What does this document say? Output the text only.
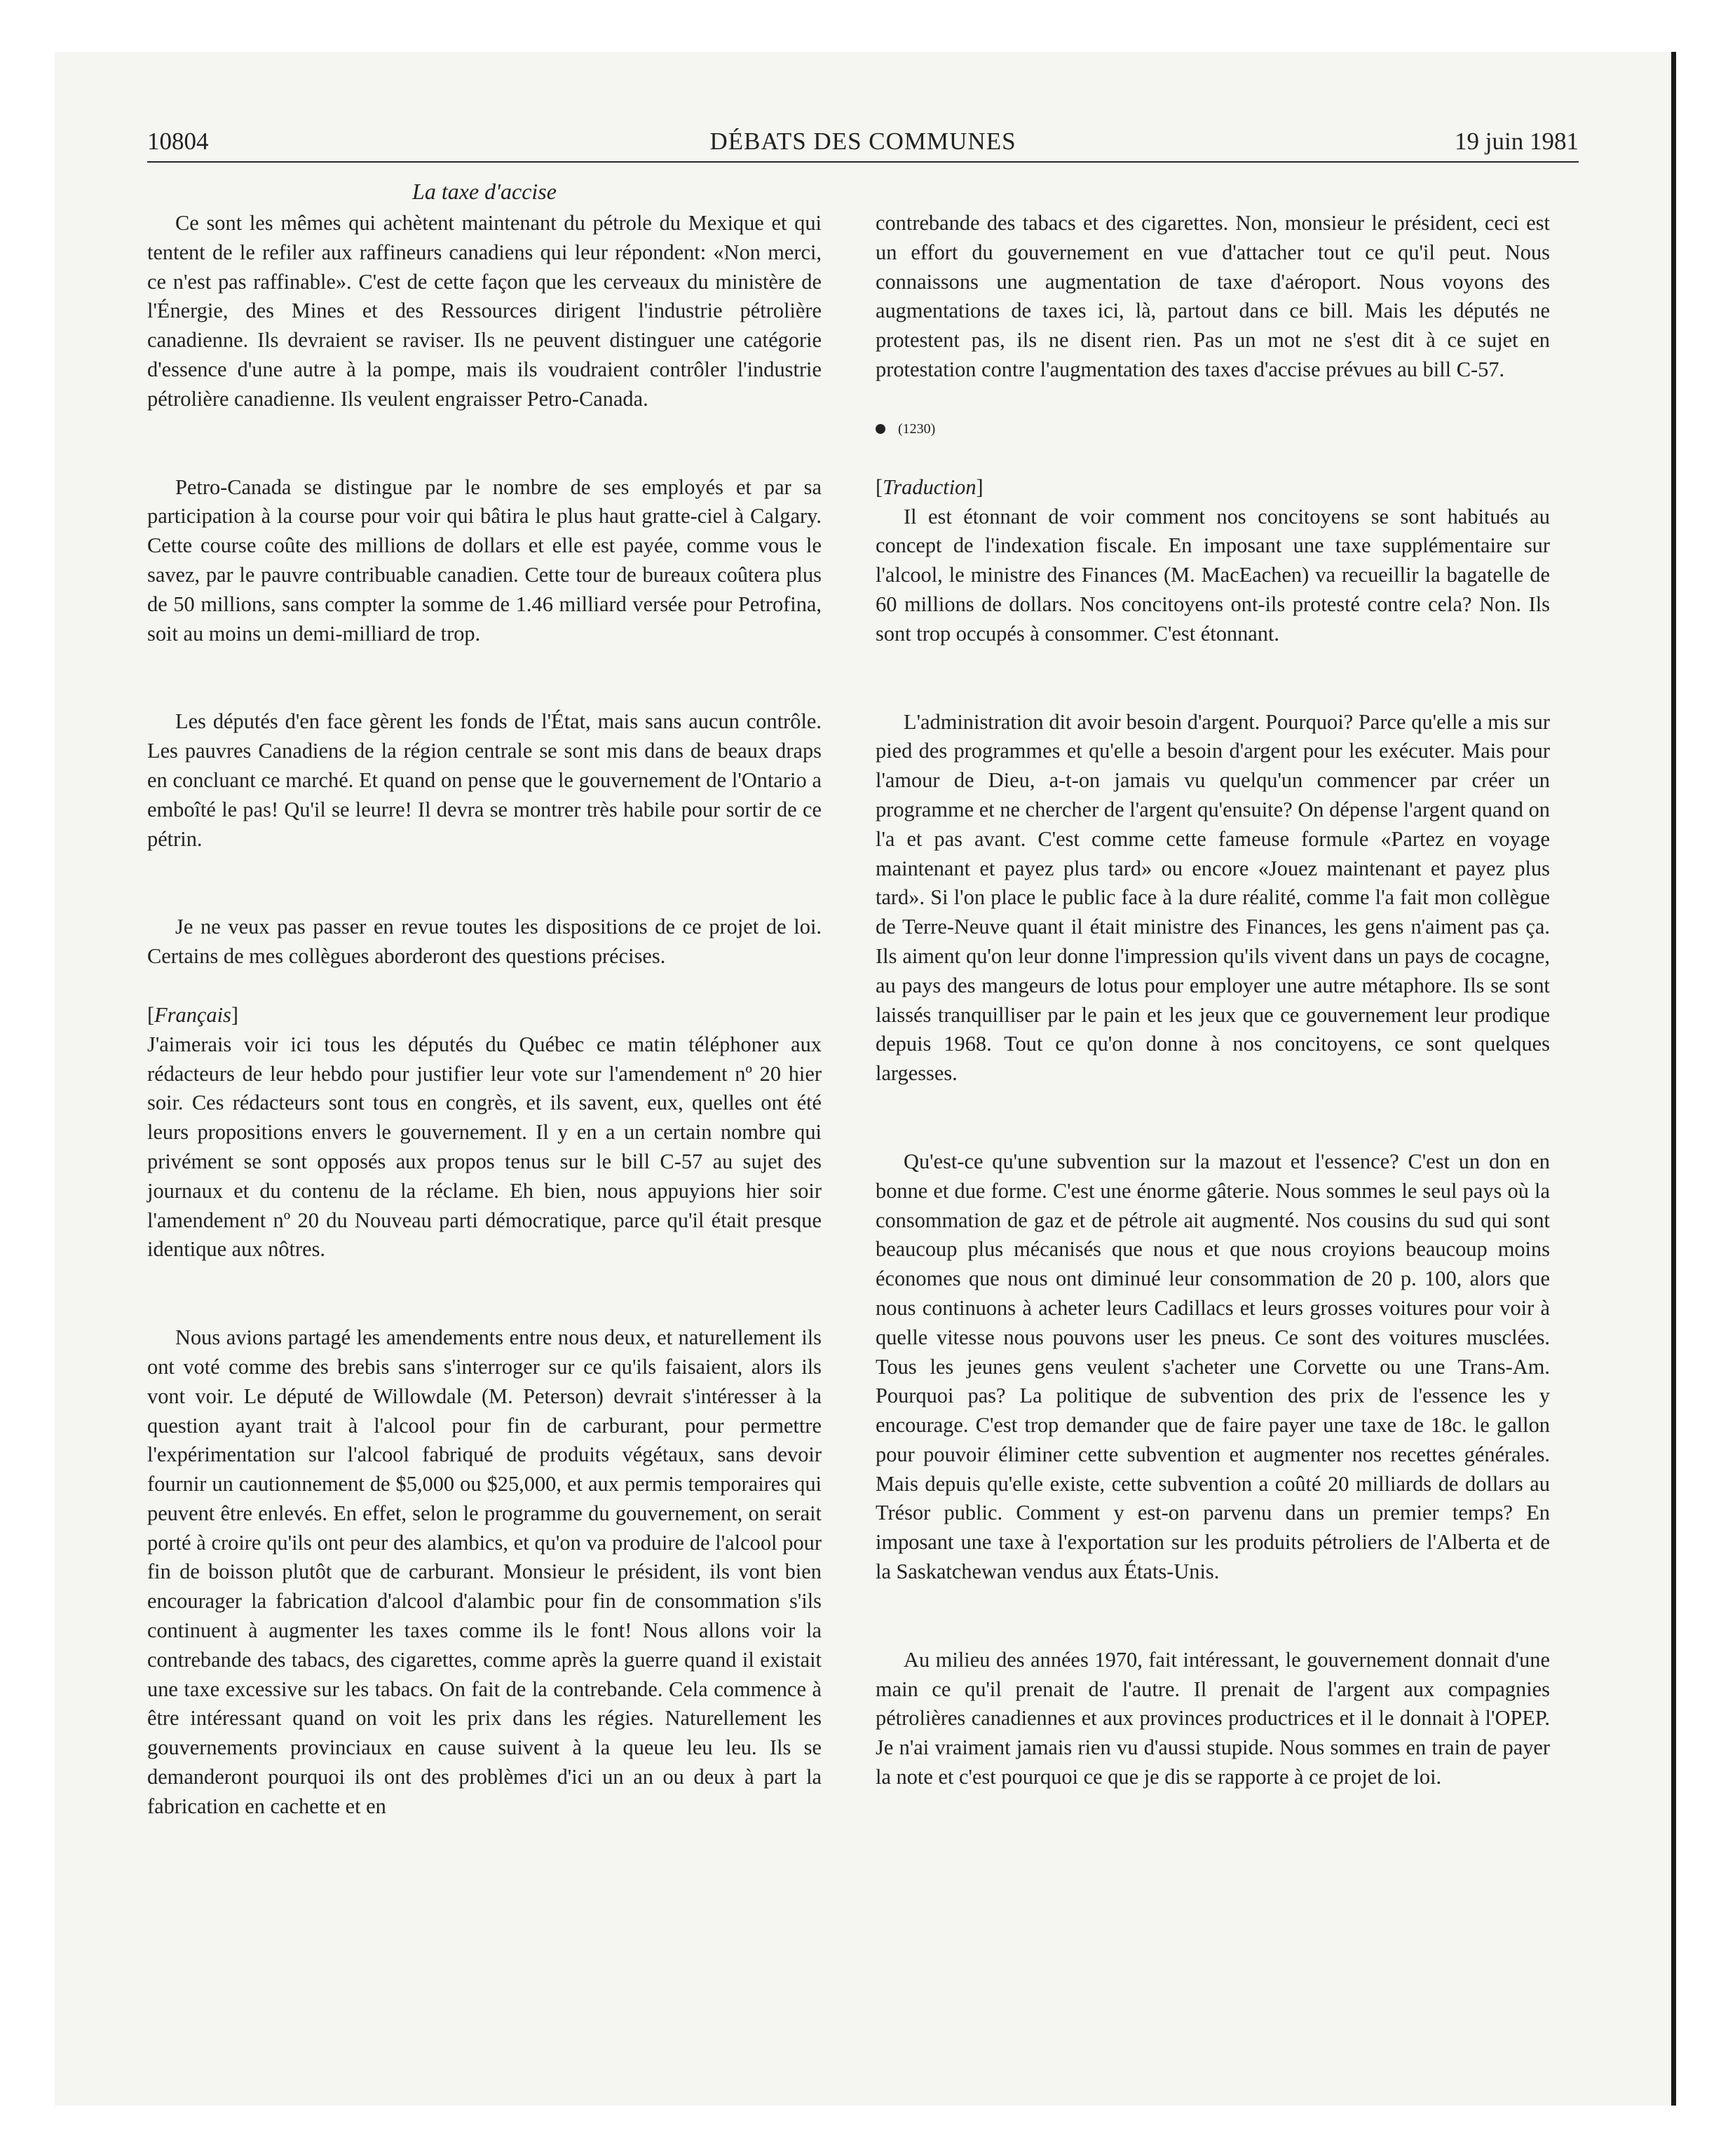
10804	DÉBATS DES COMMUNES	19 juin 1981
La taxe d'accise

Ce sont les mêmes qui achètent maintenant du pétrole du Mexique et qui tentent de le refiler aux raffineurs canadiens qui leur répondent: «Non merci, ce n'est pas raffinable». C'est de cette façon que les cerveaux du ministère de l'Énergie, des Mines et des Ressources dirigent l'industrie pétrolière canadienne. Ils devraient se raviser. Ils ne peuvent distinguer une catégorie d'essence d'une autre à la pompe, mais ils voudraient contrôler l'industrie pétrolière canadienne. Ils veulent engraisser Petro-Canada.

Petro-Canada se distingue par le nombre de ses employés et par sa participation à la course pour voir qui bâtira le plus haut gratte-ciel à Calgary. Cette course coûte des millions de dollars et elle est payée, comme vous le savez, par le pauvre contribuable canadien. Cette tour de bureaux coûtera plus de 50 millions, sans compter la somme de 1.46 milliard versée pour Petrofina, soit au moins un demi-milliard de trop.

Les députés d'en face gèrent les fonds de l'État, mais sans aucun contrôle. Les pauvres Canadiens de la région centrale se sont mis dans de beaux draps en concluant ce marché. Et quand on pense que le gouvernement de l'Ontario a emboîté le pas! Qu'il se leurre! Il devra se montrer très habile pour sortir de ce pétrin.

Je ne veux pas passer en revue toutes les dispositions de ce projet de loi. Certains de mes collègues aborderont des questions précises.

[Français]

J'aimerais voir ici tous les députés du Québec ce matin téléphoner aux rédacteurs de leur hebdo pour justifier leur vote sur l'amendement nº 20 hier soir. Ces rédacteurs sont tous en congrès, et ils savent, eux, quelles ont été leurs propositions envers le gouvernement. Il y en a un certain nombre qui privément se sont opposés aux propos tenus sur le bill C-57 au sujet des journaux et du contenu de la réclame. Eh bien, nous appuyions hier soir l'amendement nº 20 du Nouveau parti démocratique, parce qu'il était presque identique aux nôtres.

Nous avions partagé les amendements entre nous deux, et naturellement ils ont voté comme des brebis sans s'interroger sur ce qu'ils faisaient, alors ils vont voir. Le député de Willowdale (M. Peterson) devrait s'intéresser à la question ayant trait à l'alcool pour fin de carburant, pour permettre l'expérimentation sur l'alcool fabriqué de produits végétaux, sans devoir fournir un cautionnement de $5,000 ou $25,000, et aux permis temporaires qui peuvent être enlevés. En effet, selon le programme du gouvernement, on serait porté à croire qu'ils ont peur des alambics, et qu'on va produire de l'alcool pour fin de boisson plutôt que de carburant. Monsieur le président, ils vont bien encourager la fabrication d'alcool d'alambic pour fin de consommation s'ils continuent à augmenter les taxes comme ils le font! Nous allons voir la contrebande des tabacs, des cigarettes, comme après la guerre quand il existait une taxe excessive sur les tabacs. On fait de la contrebande. Cela commence à être intéressant quand on voit les prix dans les régies. Naturellement les gouvernements provinciaux en cause suivent à la queue leu leu. Ils se demanderont pourquoi ils ont des problèmes d'ici un an ou deux à part la fabrication en cachette et en

contrebande des tabacs et des cigarettes. Non, monsieur le président, ceci est un effort du gouvernement en vue d'attacher tout ce qu'il peut. Nous connaissons une augmentation de taxe d'aéroport. Nous voyons des augmentations de taxes ici, là, partout dans ce bill. Mais les députés ne protestent pas, ils ne disent rien. Pas un mot ne s'est dit à ce sujet en protestation contre l'augmentation des taxes d'accise prévues au bill C-57.

(1230)
[Traduction]

Il est étonnant de voir comment nos concitoyens se sont habitués au concept de l'indexation fiscale. En imposant une taxe supplémentaire sur l'alcool, le ministre des Finances (M. MacEachen) va recueillir la bagatelle de 60 millions de dollars. Nos concitoyens ont-ils protesté contre cela? Non. Ils sont trop occupés à consommer. C'est étonnant.

L'administration dit avoir besoin d'argent. Pourquoi? Parce qu'elle a mis sur pied des programmes et qu'elle a besoin d'argent pour les exécuter. Mais pour l'amour de Dieu, a-t-on jamais vu quelqu'un commencer par créer un programme et ne chercher de l'argent qu'ensuite? On dépense l'argent quand on l'a et pas avant. C'est comme cette fameuse formule «Partez en voyage maintenant et payez plus tard» ou encore «Jouez maintenant et payez plus tard». Si l'on place le public face à la dure réalité, comme l'a fait mon collègue de Terre-Neuve quant il était ministre des Finances, les gens n'aiment pas ça. Ils aiment qu'on leur donne l'impression qu'ils vivent dans un pays de cocagne, au pays des mangeurs de lotus pour employer une autre métaphore. Ils se sont laissés tranquilliser par le pain et les jeux que ce gouvernement leur prodique depuis 1968. Tout ce qu'on donne à nos concitoyens, ce sont quelques largesses.

Qu'est-ce qu'une subvention sur la mazout et l'essence? C'est un don en bonne et due forme. C'est une énorme gâterie. Nous sommes le seul pays où la consommation de gaz et de pétrole ait augmenté. Nos cousins du sud qui sont beaucoup plus mécanisés que nous et que nous croyions beaucoup moins économes que nous ont diminué leur consommation de 20 p. 100, alors que nous continuons à acheter leurs Cadillacs et leurs grosses voitures pour voir à quelle vitesse nous pouvons user les pneus. Ce sont des voitures musclées. Tous les jeunes gens veulent s'acheter une Corvette ou une Trans-Am. Pourquoi pas? La politique de subvention des prix de l'essence les y encourage. C'est trop demander que de faire payer une taxe de 18c. le gallon pour pouvoir éliminer cette subvention et augmenter nos recettes générales. Mais depuis qu'elle existe, cette subvention a coûté 20 milliards de dollars au Trésor public. Comment y est-on parvenu dans un premier temps? En imposant une taxe à l'exportation sur les produits pétroliers de l'Alberta et de la Saskatchewan vendus aux États-Unis.

Au milieu des années 1970, fait intéressant, le gouvernement donnait d'une main ce qu'il prenait de l'autre. Il prenait de l'argent aux compagnies pétrolières canadiennes et aux provinces productrices et il le donnait à l'OPEP. Je n'ai vraiment jamais rien vu d'aussi stupide. Nous sommes en train de payer la note et c'est pourquoi ce que je dis se rapporte à ce projet de loi.
